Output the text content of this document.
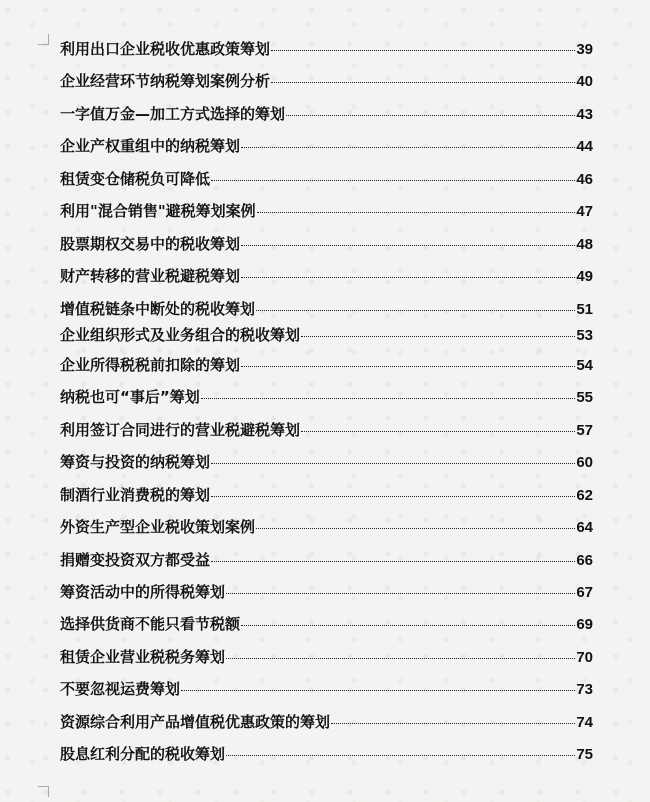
利用出口企业税收优惠政策筹划	39
企业经营环节纳税筹划案例分析	40
一字值万金—加工方式选择的筹划	43
企业产权重组中的纳税筹划	44
租赁变仓储税负可降低	46
利用"混合销售"避税筹划案例	47
股票期权交易中的税收筹划	48
财产转移的营业税避税筹划	49
增值税链条中断处的税收筹划	51
企业组织形式及业务组合的税收筹划	53
企业所得税税前扣除的筹划	54
纳税也可“事后”筹划	55
利用签订合同进行的营业税避税筹划	57
筹资与投资的纳税筹划	60
制酒行业消费税的筹划	62
外资生产型企业税收策划案例	64
捐赠变投资双方都受益	66
筹资活动中的所得税筹划	67
选择供货商不能只看节税额	69
租赁企业营业税税务筹划	70
不要忽视运费筹划	73
资源综合利用产品增值税优惠政策的筹划	74
股息红利分配的税收筹划	75
